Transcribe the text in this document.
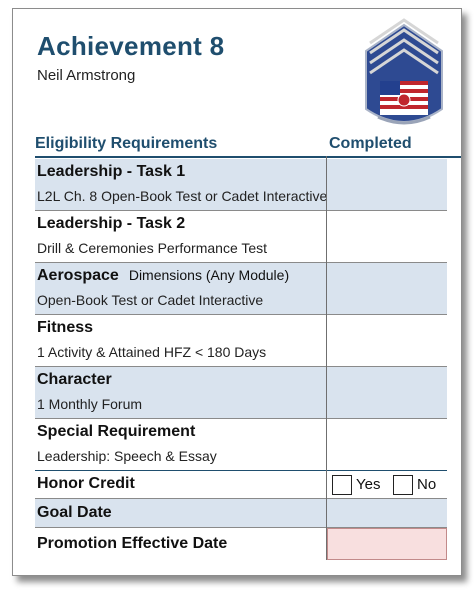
Achievement 8
Neil Armstrong
Eligibility Requirements	Completed
Leadership - Task 1
L2L Ch. 8 Open-Book Test or Cadet Interactive
Leadership - Task 2
Drill & Ceremonies Performance Test
Aerospace Dimensions (Any Module)
Open-Book Test or Cadet Interactive
Fitness
1 Activity & Attained HFZ < 180 Days
Character
1 Monthly Forum
Special Requirement
Leadership: Speech & Essay
Honor Credit	Yes No
Goal Date
Promotion Effective Date
